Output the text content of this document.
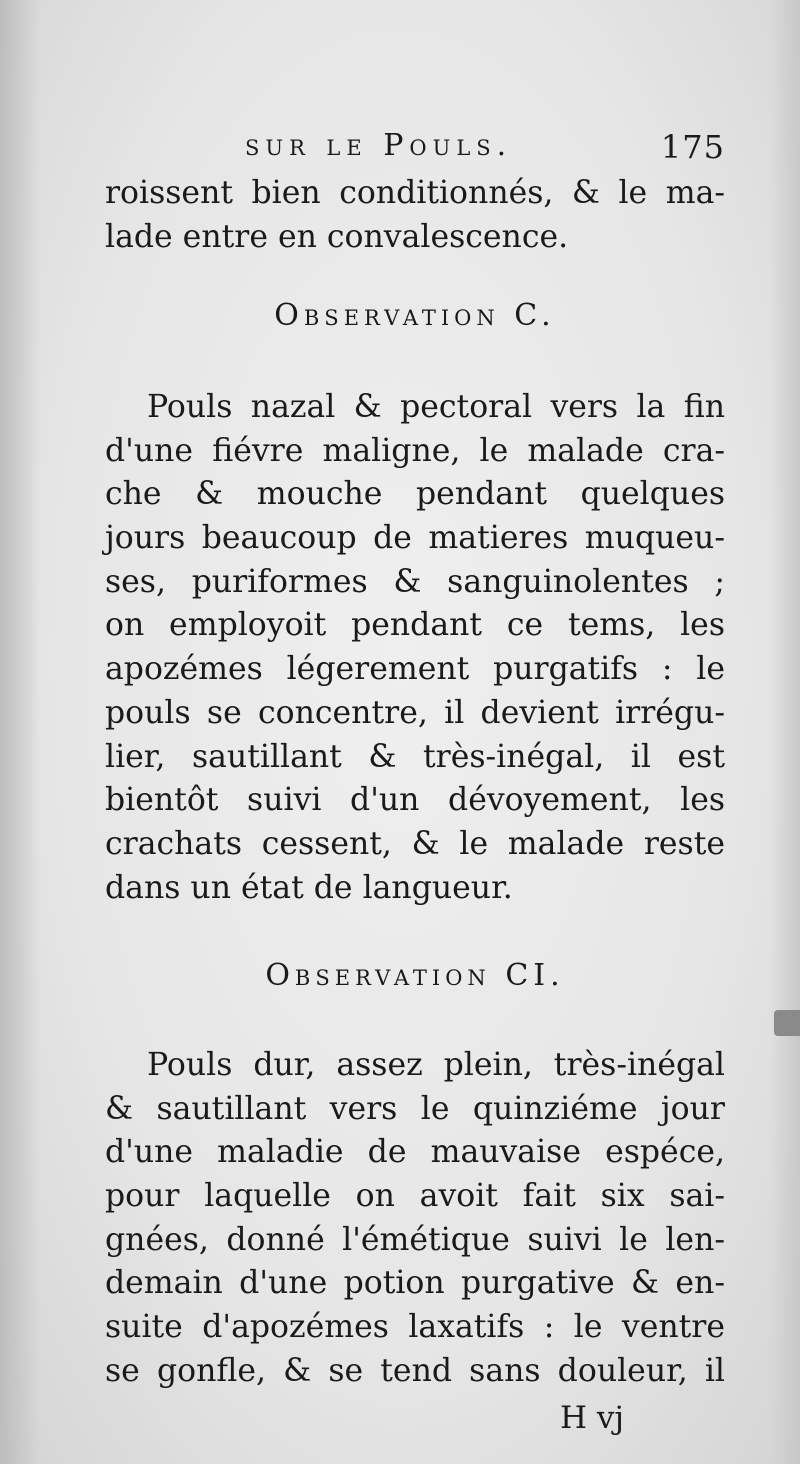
sur le Pouls.	175
roissent bien conditionnés, & le ma-
lade entre en convalescence.
Observation C.
Pouls nazal & pectoral vers la fin
d'une fiévre maligne, le malade cra-
che & mouche pendant quelques
jours beaucoup de matieres muqueu-
ses, puriformes & sanguinolentes ;
on employoit pendant ce tems, les
apozémes légerement purgatifs : le
pouls se concentre, il devient irrégu-
lier, sautillant & très-inégal, il est
bientôt suivi d'un dévoyement, les
crachats cessent, & le malade reste
dans un état de langueur.
Observation CI.
Pouls dur, assez plein, très-inégal
& sautillant vers le quinziéme jour
d'une maladie de mauvaise espéce,
pour laquelle on avoit fait six sai-
gnées, donné l'émétique suivi le len-
demain d'une potion purgative & en-
suite d'apozémes laxatifs : le ventre
se gonfle, & se tend sans douleur, il
H vj
